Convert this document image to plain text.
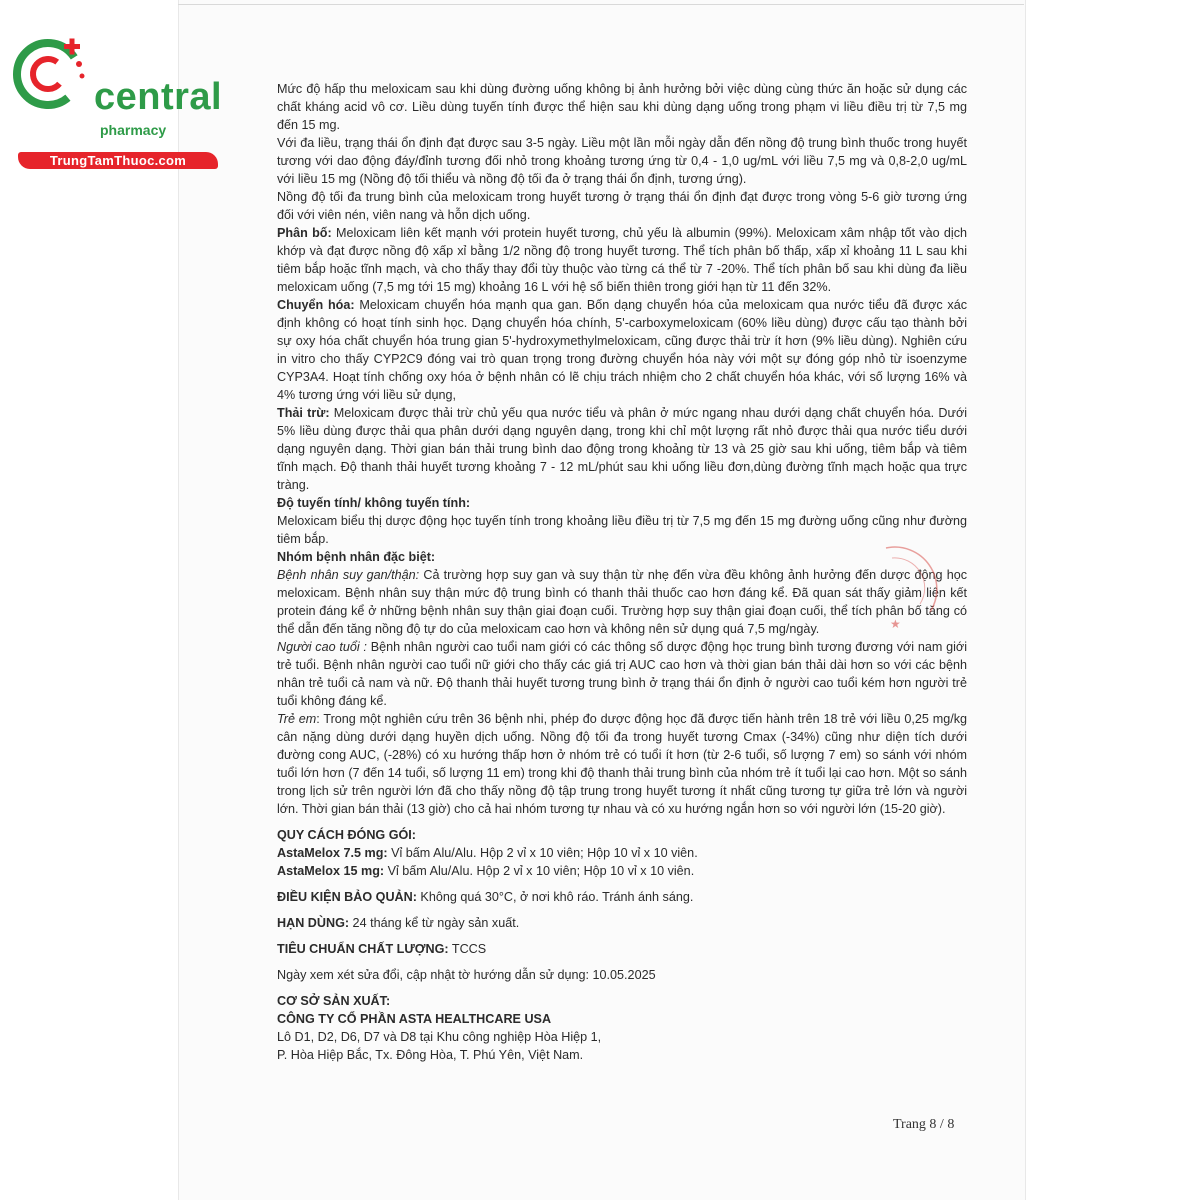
central
pharmacy
TrungTamThuoc.com

Mức độ hấp thu meloxicam sau khi dùng đường uống không bị ảnh hưởng bởi việc dùng cùng thức ăn hoặc sử dụng các chất kháng acid vô cơ. Liều dùng tuyến tính được thể hiện sau khi dùng dạng uống trong phạm vi liều điều trị từ 7,5 mg đến 15 mg.

Với đa liều, trạng thái ổn định đạt được sau 3-5 ngày. Liều một lần mỗi ngày dẫn đến nồng độ trung bình thuốc trong huyết tương với dao động đáy/đỉnh tương đối nhỏ trong khoảng tương ứng từ 0,4 - 1,0 ug/mL với liều 7,5 mg và 0,8-2,0 ug/mL với liều 15 mg (Nồng độ tối thiểu và nồng độ tối đa ở trạng thái ổn định, tương ứng).

Nồng độ tối đa trung bình của meloxicam trong huyết tương ở trạng thái ổn định đạt được trong vòng 5-6 giờ tương ứng đối với viên nén, viên nang và hỗn dịch uống.

Phân bố: Meloxicam liên kết mạnh với protein huyết tương, chủ yếu là albumin (99%). Meloxicam xâm nhập tốt vào dịch khớp và đạt được nồng độ xấp xỉ bằng 1/2 nồng độ trong huyết tương. Thể tích phân bố thấp, xấp xỉ khoảng 11 L sau khi tiêm bắp hoặc tĩnh mạch, và cho thấy thay đổi tùy thuộc vào từng cá thể từ 7 -20%. Thể tích phân bố sau khi dùng đa liều meloxicam uống (7,5 mg tới 15 mg) khoảng 16 L với hệ số biến thiên trong giới hạn từ 11 đến 32%.

Chuyển hóa: Meloxicam chuyển hóa mạnh qua gan. Bốn dạng chuyển hóa của meloxicam qua nước tiểu đã được xác định không có hoạt tính sinh học. Dạng chuyển hóa chính, 5'-carboxymeloxicam (60% liều dùng) được cấu tạo thành bởi sự oxy hóa chất chuyển hóa trung gian 5'-hydroxymethylmeloxicam, cũng được thải trừ ít hơn (9% liều dùng). Nghiên cứu in vitro cho thấy CYP2C9 đóng vai trò quan trọng trong đường chuyển hóa này với một sự đóng góp nhỏ từ isoenzyme CYP3A4. Hoạt tính chống oxy hóa ở bệnh nhân có lẽ chịu trách nhiệm cho 2 chất chuyển hóa khác, với số lượng 16% và 4% tương ứng với liều sử dụng,

Thải trừ: Meloxicam được thải trừ chủ yếu qua nước tiểu và phân ở mức ngang nhau dưới dạng chất chuyển hóa. Dưới 5% liều dùng được thải qua phân dưới dạng nguyên dạng, trong khi chỉ một lượng rất nhỏ được thải qua nước tiểu dưới dạng nguyên dạng. Thời gian bán thải trung bình dao động trong khoảng từ 13 và 25 giờ sau khi uống, tiêm bắp và tiêm tĩnh mạch. Độ thanh thải huyết tương khoảng 7 - 12 mL/phút sau khi uống liều đơn,dùng đường tĩnh mạch hoặc qua trực tràng.

Độ tuyến tính/ không tuyến tính:

Meloxicam biểu thị dược động học tuyến tính trong khoảng liều điều trị từ 7,5 mg đến 15 mg đường uống cũng như đường tiêm bắp.

Nhóm bệnh nhân đặc biệt:

Bệnh nhân suy gan/thận: Cả trường hợp suy gan và suy thận từ nhẹ đến vừa đều không ảnh hưởng đến dược động học meloxicam. Bệnh nhân suy thận mức độ trung bình có thanh thải thuốc cao hơn đáng kể. Đã quan sát thấy giảm liên kết protein đáng kể ở những bệnh nhân suy thận giai đoạn cuối. Trường hợp suy thận giai đoạn cuối, thể tích phân bố tăng có thể dẫn đến tăng nồng độ tự do của meloxicam cao hơn và không nên sử dụng quá 7,5 mg/ngày.

Người cao tuổi : Bệnh nhân người cao tuổi nam giới có các thông số dược động học trung bình tương đương với nam giới trẻ tuổi. Bệnh nhân người cao tuổi nữ giới cho thấy các giá trị AUC cao hơn và thời gian bán thải dài hơn so với các bệnh nhân trẻ tuổi cả nam và nữ. Độ thanh thải huyết tương trung bình ở trạng thái ổn định ở người cao tuổi kém hơn người trẻ tuổi không đáng kể.

Trẻ em: Trong một nghiên cứu trên 36 bệnh nhi, phép đo dược động học đã được tiến hành trên 18 trẻ với liều 0,25 mg/kg cân nặng dùng dưới dạng huyền dịch uống. Nồng độ tối đa trong huyết tương Cmax (-34%) cũng như diện tích dưới đường cong AUC, (-28%) có xu hướng thấp hơn ở nhóm trẻ có tuổi ít hơn (từ 2-6 tuổi, số lượng 7 em) so sánh với nhóm tuổi lớn hơn (7 đến 14 tuổi, số lượng 11 em) trong khi độ thanh thải trung bình của nhóm trẻ ít tuổi lại cao hơn. Một so sánh trong lịch sử trên người lớn đã cho thấy nồng độ tập trung trong huyết tương ít nhất cũng tương tự giữa trẻ lớn và người lớn. Thời gian bán thải (13 giờ) cho cả hai nhóm tương tự nhau và có xu hướng ngắn hơn so với người lớn (15-20 giờ).

QUY CÁCH ĐÓNG GÓI:

AstaMelox 7.5 mg: Vỉ bấm Alu/Alu. Hộp 2 vỉ x 10 viên; Hộp 10 vỉ x 10 viên.

AstaMelox 15 mg: Vỉ bấm Alu/Alu. Hộp 2 vỉ x 10 viên; Hộp 10 vỉ x 10 viên.

ĐIỀU KIỆN BẢO QUẢN: Không quá 30°C, ở nơi khô ráo. Tránh ánh sáng.

HẠN DÙNG: 24 tháng kể từ ngày sản xuất.

TIÊU CHUẨN CHẤT LƯỢNG: TCCS

Ngày xem xét sửa đổi, cập nhật tờ hướng dẫn sử dụng: 10.05.2025

CƠ SỞ SẢN XUẤT:

CÔNG TY CỔ PHẦN ASTA HEALTHCARE USA

Lô D1, D2, D6, D7 và D8 tại Khu công nghiệp Hòa Hiệp 1,

P. Hòa Hiệp Bắc, Tx. Đông Hòa, T. Phú Yên, Việt Nam.

★
Trang 8 / 8
